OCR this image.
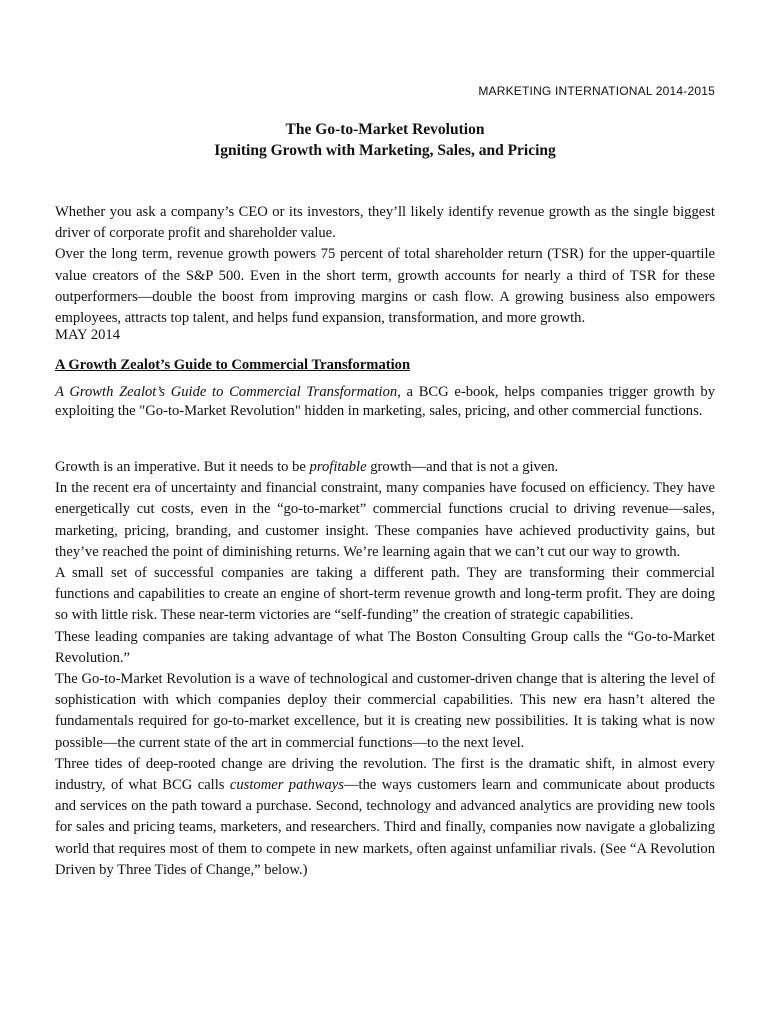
MARKETING INTERNATIONAL 2014-2015
The Go-to-Market Revolution
Igniting Growth with Marketing, Sales, and Pricing

Whether you ask a company’s CEO or its investors, they’ll likely identify revenue growth as the single biggest driver of corporate profit and shareholder value.

Over the long term, revenue growth powers 75 percent of total shareholder return (TSR) for the upper-quartile value creators of the S&P 500. Even in the short term, growth accounts for nearly a third of TSR for these outperformers—double the boost from improving margins or cash flow. A growing business also empowers employees, attracts top talent, and helps fund expansion, transformation, and more growth.

MAY 2014
A Growth Zealot’s Guide to Commercial Transformation

A Growth Zealot’s Guide to Commercial Transformation, a BCG e-book, helps companies trigger growth by exploiting the "Go-to-Market Revolution" hidden in marketing, sales, pricing, and other commercial functions.

Growth is an imperative. But it needs to be profitable growth—and that is not a given.

In the recent era of uncertainty and financial constraint, many companies have focused on efficiency. They have energetically cut costs, even in the “go-to-market” commercial functions crucial to driving revenue—sales, marketing, pricing, branding, and customer insight. These companies have achieved productivity gains, but they’ve reached the point of diminishing returns. We’re learning again that we can’t cut our way to growth.

A small set of successful companies are taking a different path. They are transforming their commercial functions and capabilities to create an engine of short-term revenue growth and long-term profit. They are doing so with little risk. These near-term victories are “self-funding” the creation of strategic capabilities.

These leading companies are taking advantage of what The Boston Consulting Group calls the “Go-to-Market Revolution.”

The Go-to-Market Revolution is a wave of technological and customer-driven change that is altering the level of sophistication with which companies deploy their commercial capabilities. This new era hasn’t altered the fundamentals required for go-to-market excellence, but it is creating new possibilities. It is taking what is now possible—the current state of the art in commercial functions—to the next level.

Three tides of deep-rooted change are driving the revolution. The first is the dramatic shift, in almost every industry, of what BCG calls customer pathways—the ways customers learn and communicate about products and services on the path toward a purchase. Second, technology and advanced analytics are providing new tools for sales and pricing teams, marketers, and researchers. Third and finally, companies now navigate a globalizing world that requires most of them to compete in new markets, often against unfamiliar rivals. (See “A Revolution Driven by Three Tides of Change,” below.)
